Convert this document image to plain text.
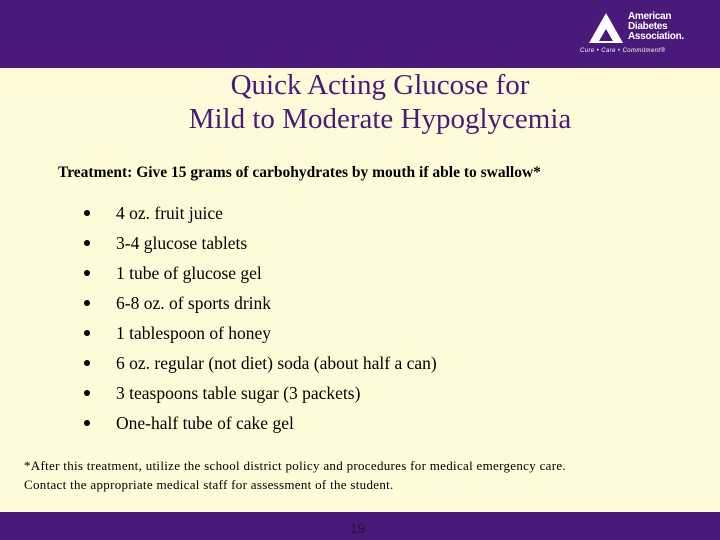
American
Diabetes
Association.
Cure • Care • Commitment®
Quick Acting Glucose for
Mild to Moderate Hypoglycemia

Treatment: Give 15 grams of carbohydrates by mouth if able to swallow*

4 oz. fruit juice
3-4 glucose tablets
1 tube of glucose gel
6-8 oz. of sports drink
1 tablespoon of honey
6 oz. regular (not diet) soda (about half a can)
3 teaspoons table sugar (3 packets)
One-half tube of cake gel

*After this treatment, utilize the school district policy and procedures for medical emergency care.
Contact the appropriate medical staff for assessment of the student.

19
